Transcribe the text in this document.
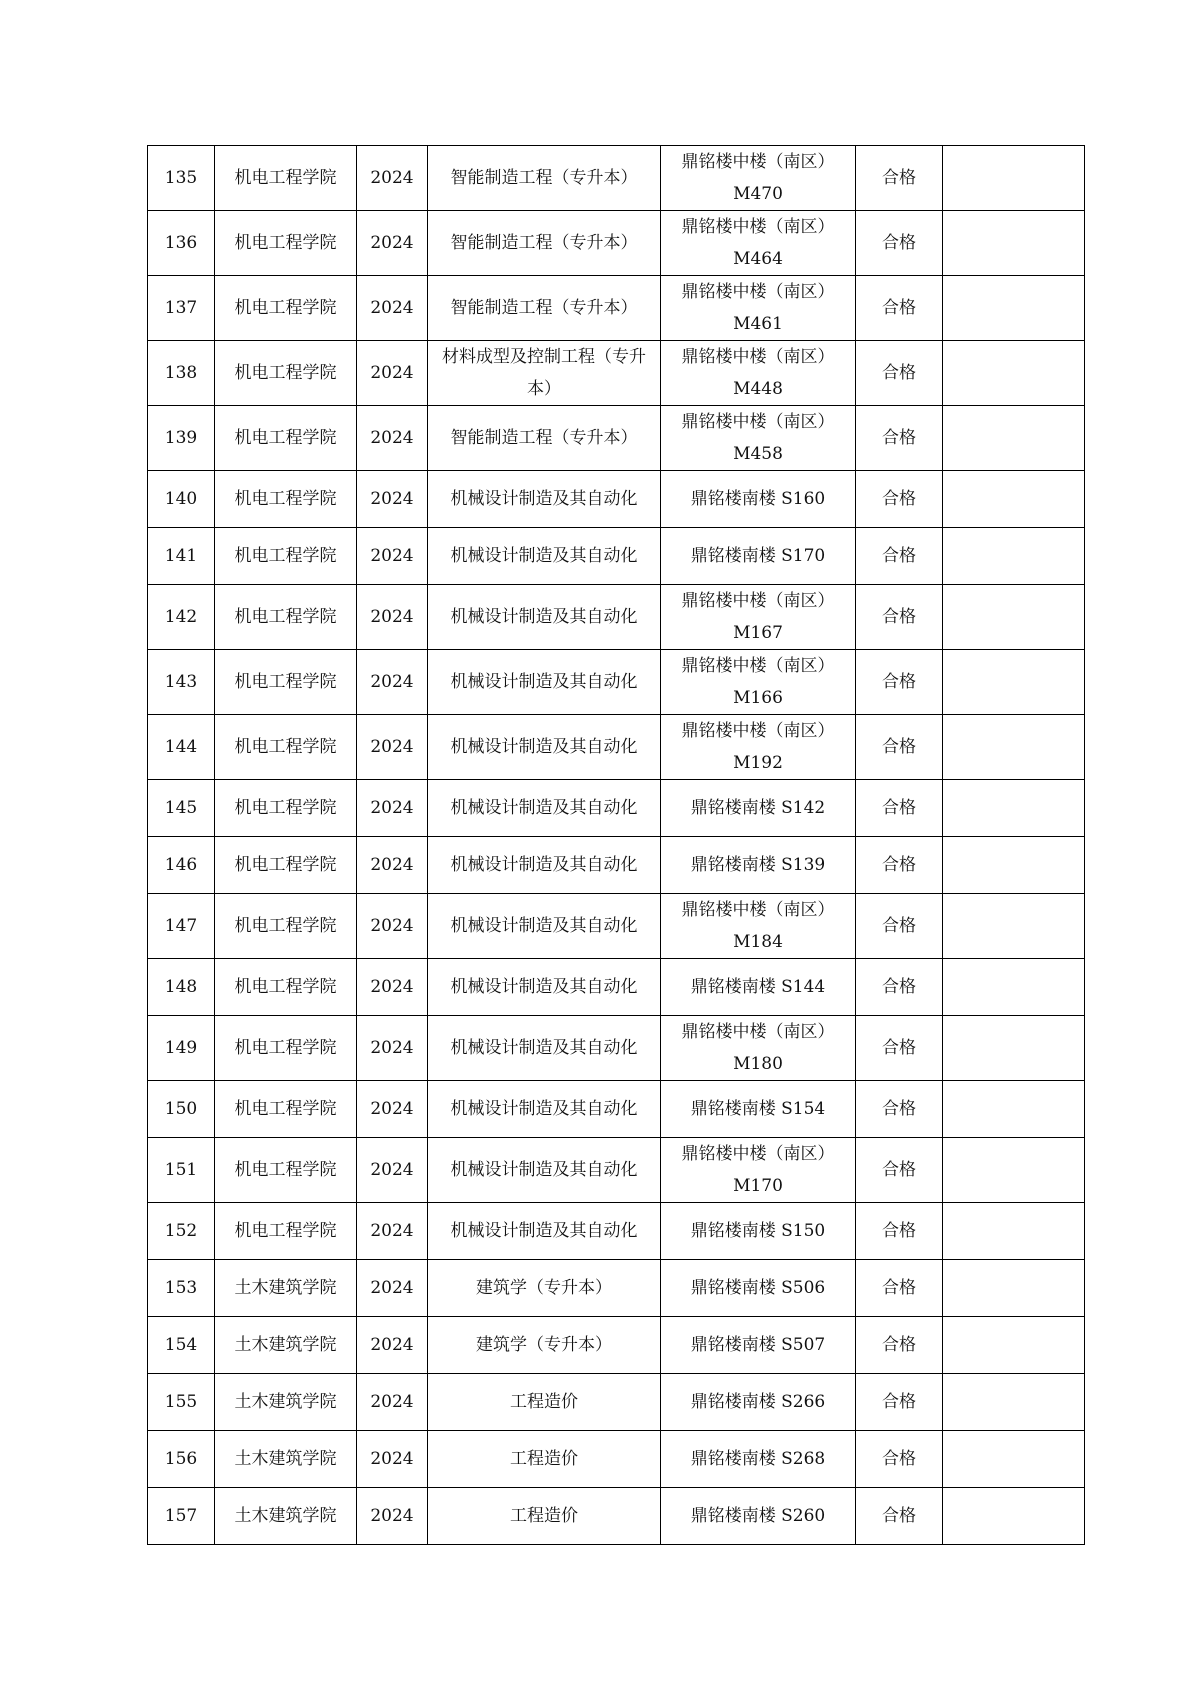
135	机电工程学院	2024	智能制造工程（专升本）	鼎铭楼中楼（南区）M470	合格	
136	机电工程学院	2024	智能制造工程（专升本）	鼎铭楼中楼（南区）M464	合格	
137	机电工程学院	2024	智能制造工程（专升本）	鼎铭楼中楼（南区）M461	合格	
138	机电工程学院	2024	材料成型及控制工程（专升本）	鼎铭楼中楼（南区）M448	合格	
139	机电工程学院	2024	智能制造工程（专升本）	鼎铭楼中楼（南区）M458	合格	
140	机电工程学院	2024	机械设计制造及其自动化	鼎铭楼南楼 S160	合格	
141	机电工程学院	2024	机械设计制造及其自动化	鼎铭楼南楼 S170	合格	
142	机电工程学院	2024	机械设计制造及其自动化	鼎铭楼中楼（南区）M167	合格	
143	机电工程学院	2024	机械设计制造及其自动化	鼎铭楼中楼（南区）M166	合格	
144	机电工程学院	2024	机械设计制造及其自动化	鼎铭楼中楼（南区）M192	合格	
145	机电工程学院	2024	机械设计制造及其自动化	鼎铭楼南楼 S142	合格	
146	机电工程学院	2024	机械设计制造及其自动化	鼎铭楼南楼 S139	合格	
147	机电工程学院	2024	机械设计制造及其自动化	鼎铭楼中楼（南区）M184	合格	
148	机电工程学院	2024	机械设计制造及其自动化	鼎铭楼南楼 S144	合格	
149	机电工程学院	2024	机械设计制造及其自动化	鼎铭楼中楼（南区）M180	合格	
150	机电工程学院	2024	机械设计制造及其自动化	鼎铭楼南楼 S154	合格	
151	机电工程学院	2024	机械设计制造及其自动化	鼎铭楼中楼（南区）M170	合格	
152	机电工程学院	2024	机械设计制造及其自动化	鼎铭楼南楼 S150	合格	
153	土木建筑学院	2024	建筑学（专升本）	鼎铭楼南楼 S506	合格	
154	土木建筑学院	2024	建筑学（专升本）	鼎铭楼南楼 S507	合格	
155	土木建筑学院	2024	工程造价	鼎铭楼南楼 S266	合格	
156	土木建筑学院	2024	工程造价	鼎铭楼南楼 S268	合格	
157	土木建筑学院	2024	工程造价	鼎铭楼南楼 S260	合格	
